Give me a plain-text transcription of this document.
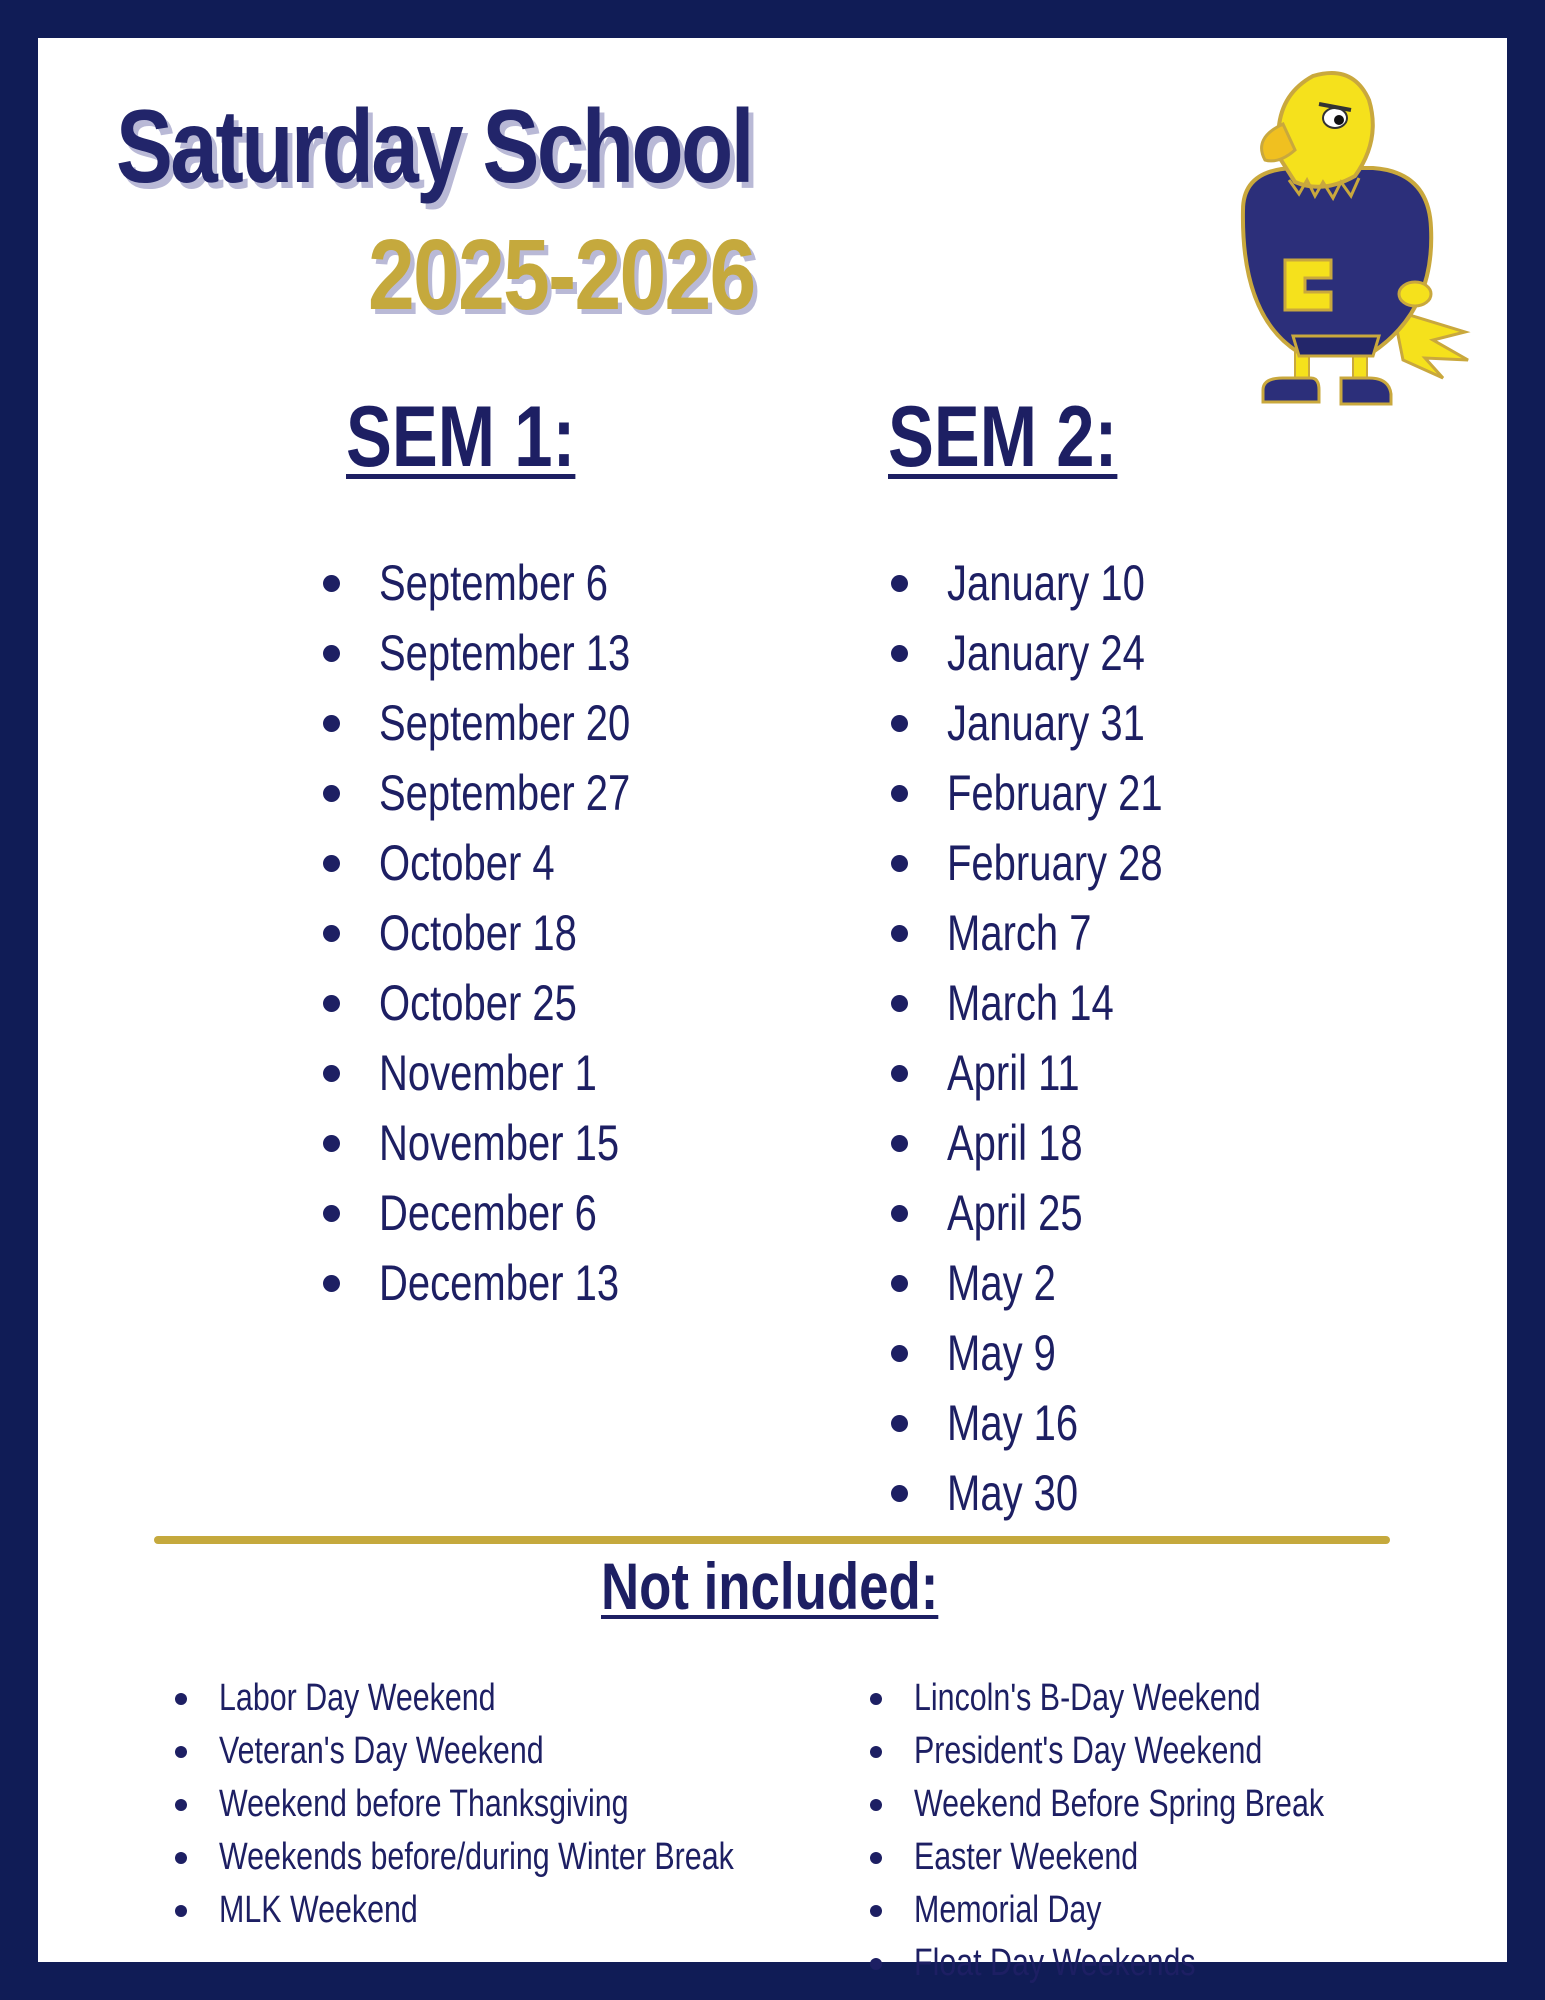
Saturday School
2025-2026
SEM 1:	SEM 2:
September 6
September 13
September 20
September 27
October 4
October 18
October 25
November 1
November 15
December 6
December 13
January 10
January 24
January 31
February 21
February 28
March 7
March 14
April 11
April 18
April 25
May 2
May 9
May 16
May 30
Not included:
Labor Day Weekend
Veteran's Day Weekend
Weekend before Thanksgiving
Weekends before/during Winter Break
MLK Weekend
Lincoln's B-Day Weekend
President's Day Weekend
Weekend Before Spring Break
Easter Weekend
Memorial Day
Float Day Weekends
